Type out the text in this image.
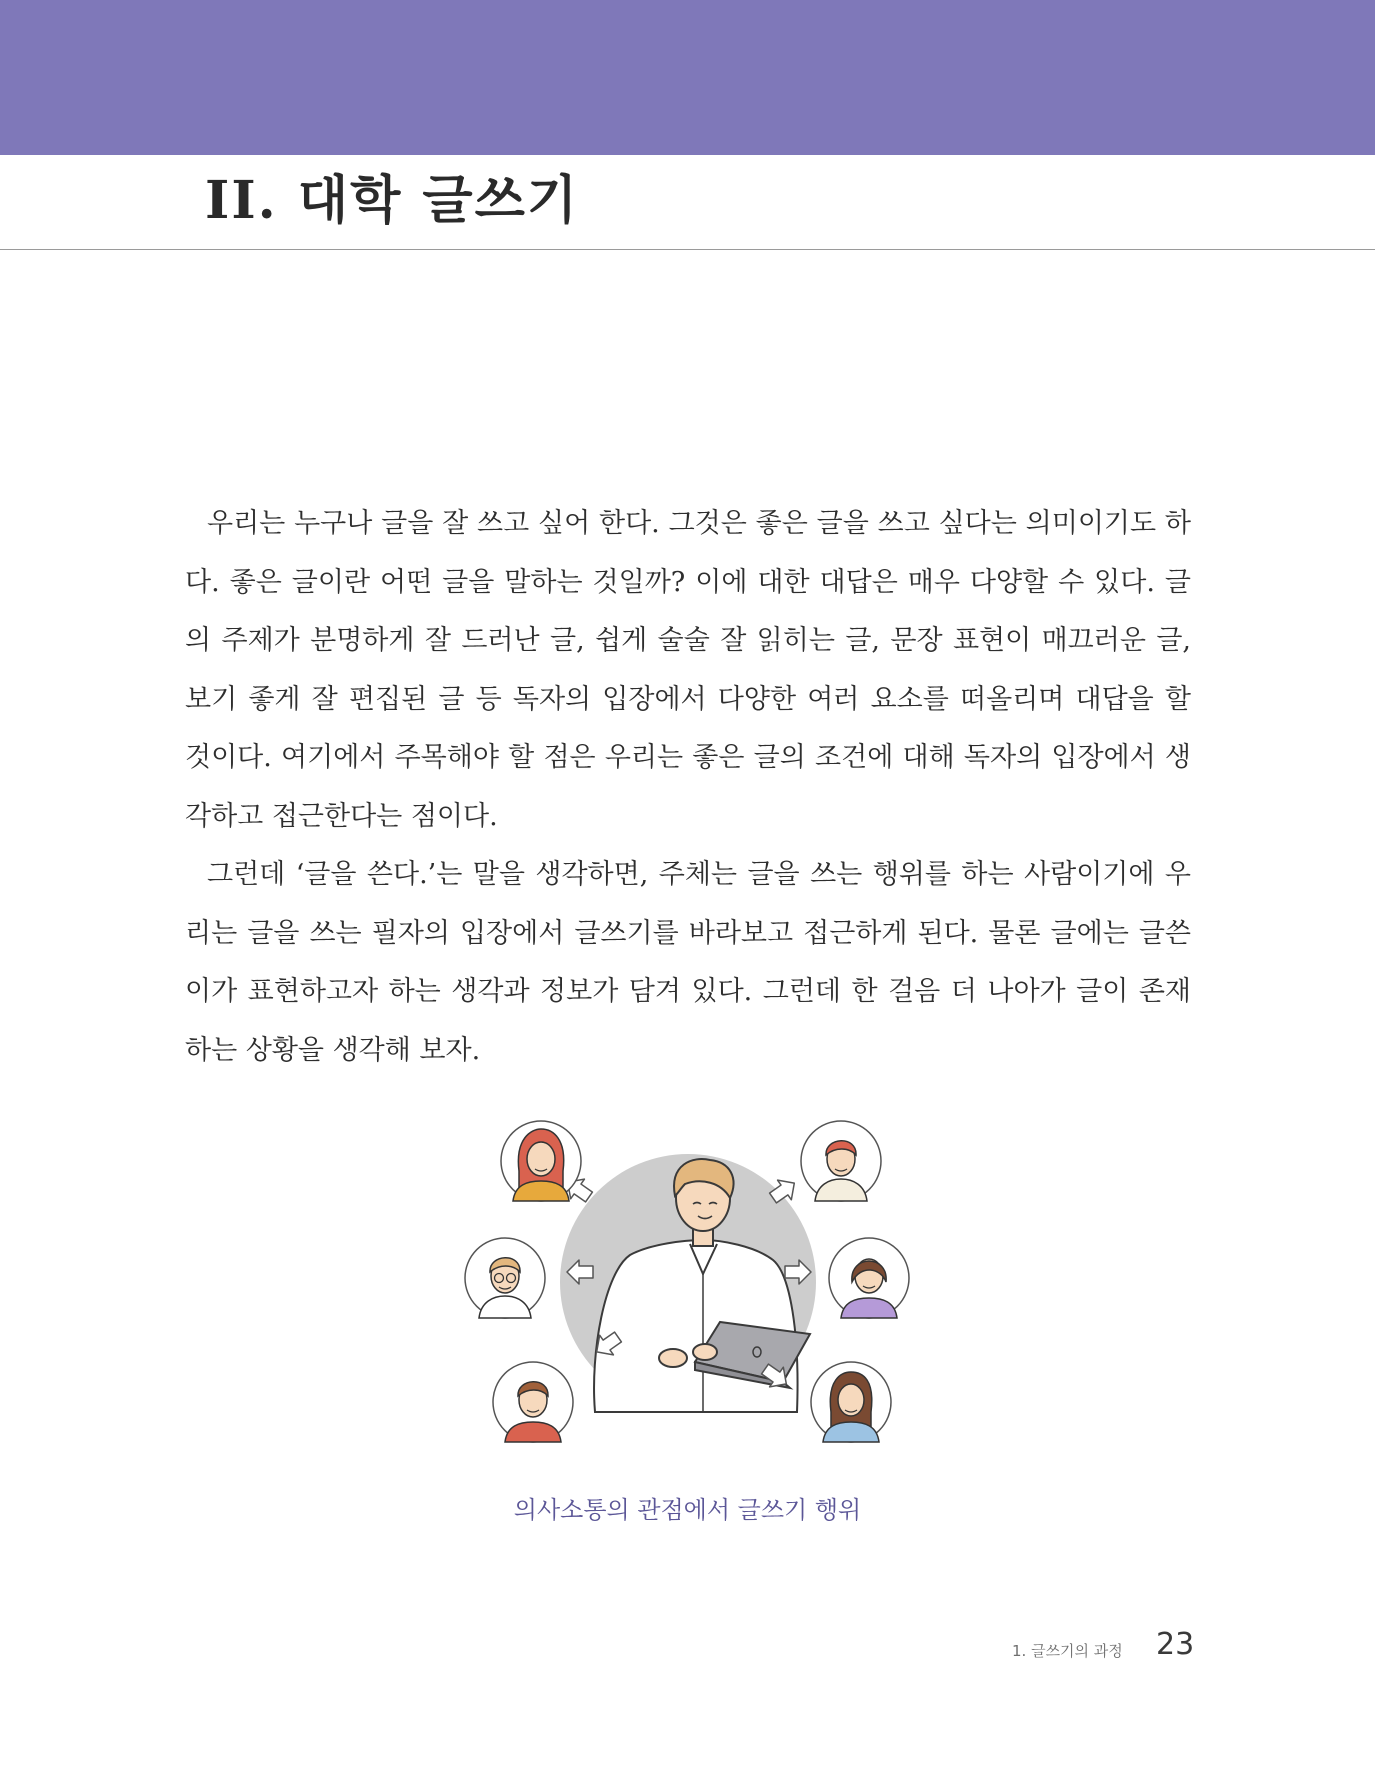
II. 대학 글쓰기

우리는 누구나 글을 잘 쓰고 싶어 한다. 그것은 좋은 글을 쓰고 싶다는 의미이기도 하다. 좋은 글이란 어떤 글을 말하는 것일까? 이에 대한 대답은 매우 다양할 수 있다. 글의 주제가 분명하게 잘 드러난 글, 쉽게 술술 잘 읽히는 글, 문장 표현이 매끄러운 글, 보기 좋게 잘 편집된 글 등 독자의 입장에서 다양한 여러 요소를 떠올리며 대답을 할 것이다. 여기에서 주목해야 할 점은 우리는 좋은 글의 조건에 대해 독자의 입장에서 생각하고 접근한다는 점이다.

그런데 ‘글을 쓴다.’는 말을 생각하면, 주체는 글을 쓰는 행위를 하는 사람이기에 우리는 글을 쓰는 필자의 입장에서 글쓰기를 바라보고 접근하게 된다. 물론 글에는 글쓴이가 표현하고자 하는 생각과 정보가 담겨 있다. 그런데 한 걸음 더 나아가 글이 존재하는 상황을 생각해 보자.

의사소통의 관점에서 글쓰기 행위
1. 글쓰기의 과정 23
